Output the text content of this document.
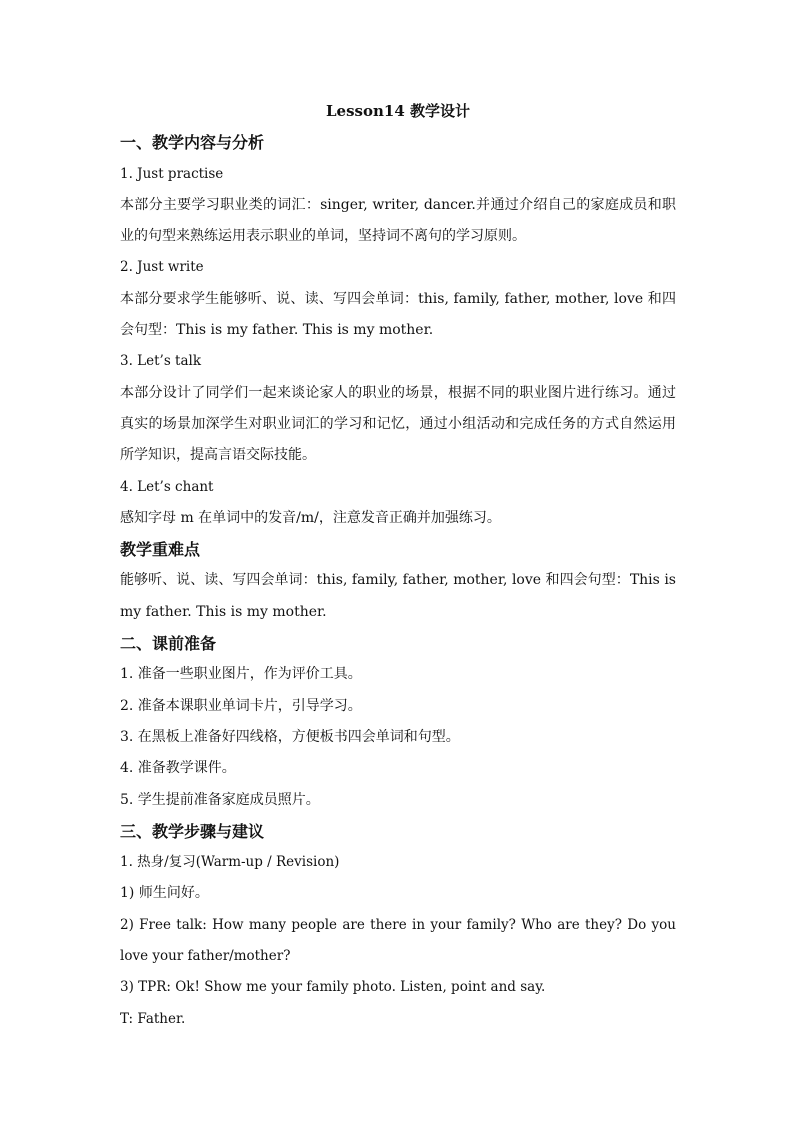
Lesson14 教学设计

一、教学内容与分析

1. Just practise

本部分主要学习职业类的词汇：singer, writer, dancer.并通过介绍自己的家庭成员和职业的句型来熟练运用表示职业的单词，坚持词不离句的学习原则。

2. Just write

本部分要求学生能够听、说、读、写四会单词：this, family, father, mother, love 和四会句型：This is my father. This is my mother.

3. Let’s talk

本部分设计了同学们一起来谈论家人的职业的场景，根据不同的职业图片进行练习。通过真实的场景加深学生对职业词汇的学习和记忆，通过小组活动和完成任务的方式自然运用所学知识，提高言语交际技能。

4. Let’s chant

感知字母 m 在单词中的发音/m/，注意发音正确并加强练习。

教学重难点

能够听、说、读、写四会单词：this, family, father, mother, love 和四会句型：This is my father. This is my mother.

二、课前准备

1. 准备一些职业图片，作为评价工具。

2. 准备本课职业单词卡片，引导学习。

3. 在黑板上准备好四线格，方便板书四会单词和句型。

4. 准备教学课件。

5. 学生提前准备家庭成员照片。

三、教学步骤与建议

1. 热身/复习(Warm-up / Revision)

1) 师生问好。

2) Free talk: How many people are there in your family? Who are they? Do you love your father/mother?

3) TPR: Ok! Show me your family photo. Listen, point and say.

T: Father.
